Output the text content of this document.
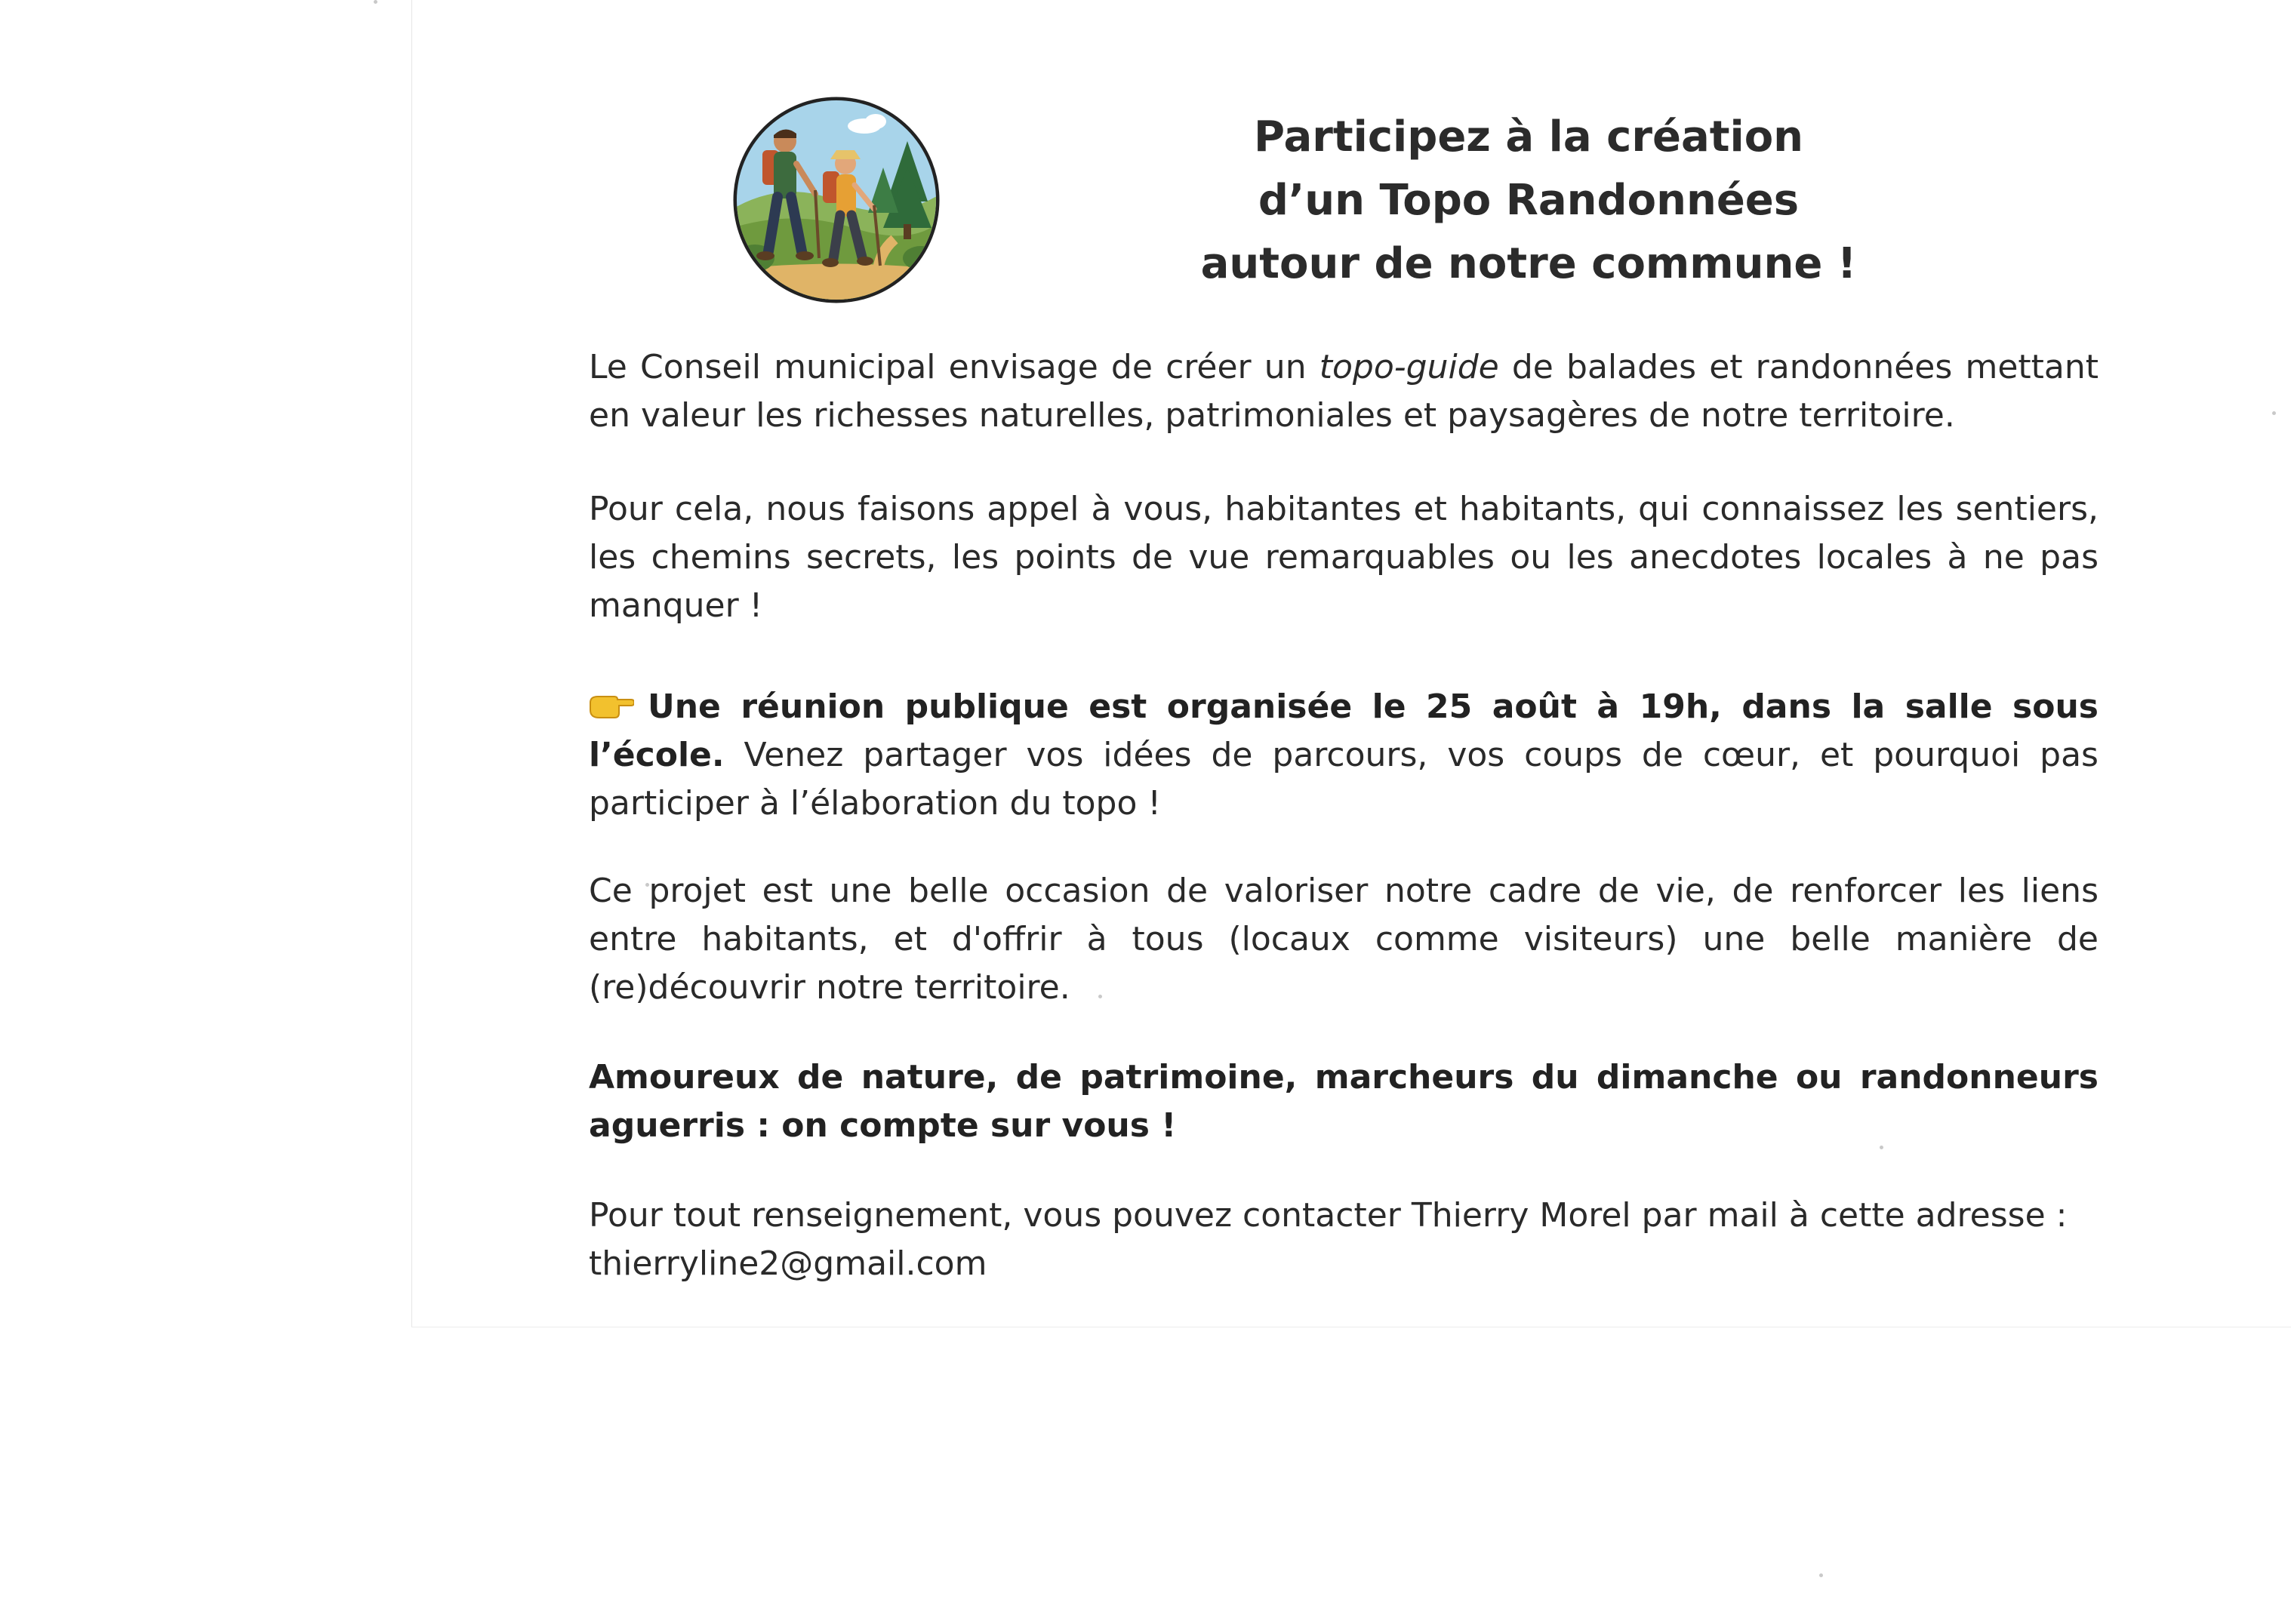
Participez à la création
d’un Topo Randonnées
autour de notre commune !

Le Conseil municipal envisage de créer un topo-guide de balades et randonnées mettant en valeur les richesses naturelles, patrimoniales et paysagères de notre territoire.

Pour cela, nous faisons appel à vous, habitantes et habitants, qui connaissez les sentiers, les chemins secrets, les points de vue remarquables ou les anecdotes locales à ne pas manquer !

Une réunion publique est organisée le 25 août à 19h, dans la salle sous l’école. Venez partager vos idées de parcours, vos coups de cœur, et pourquoi pas participer à l’élaboration du topo !

Ce projet est une belle occasion de valoriser notre cadre de vie, de renforcer les liens entre habitants, et d'offrir à tous (locaux comme visiteurs) une belle manière de (re)découvrir notre territoire.

Amoureux de nature, de patrimoine, marcheurs du dimanche ou randonneurs aguerris : on compte sur vous !

Pour tout renseignement, vous pouvez contacter Thierry Morel par mail à cette adresse :
thierryline2@gmail.com
